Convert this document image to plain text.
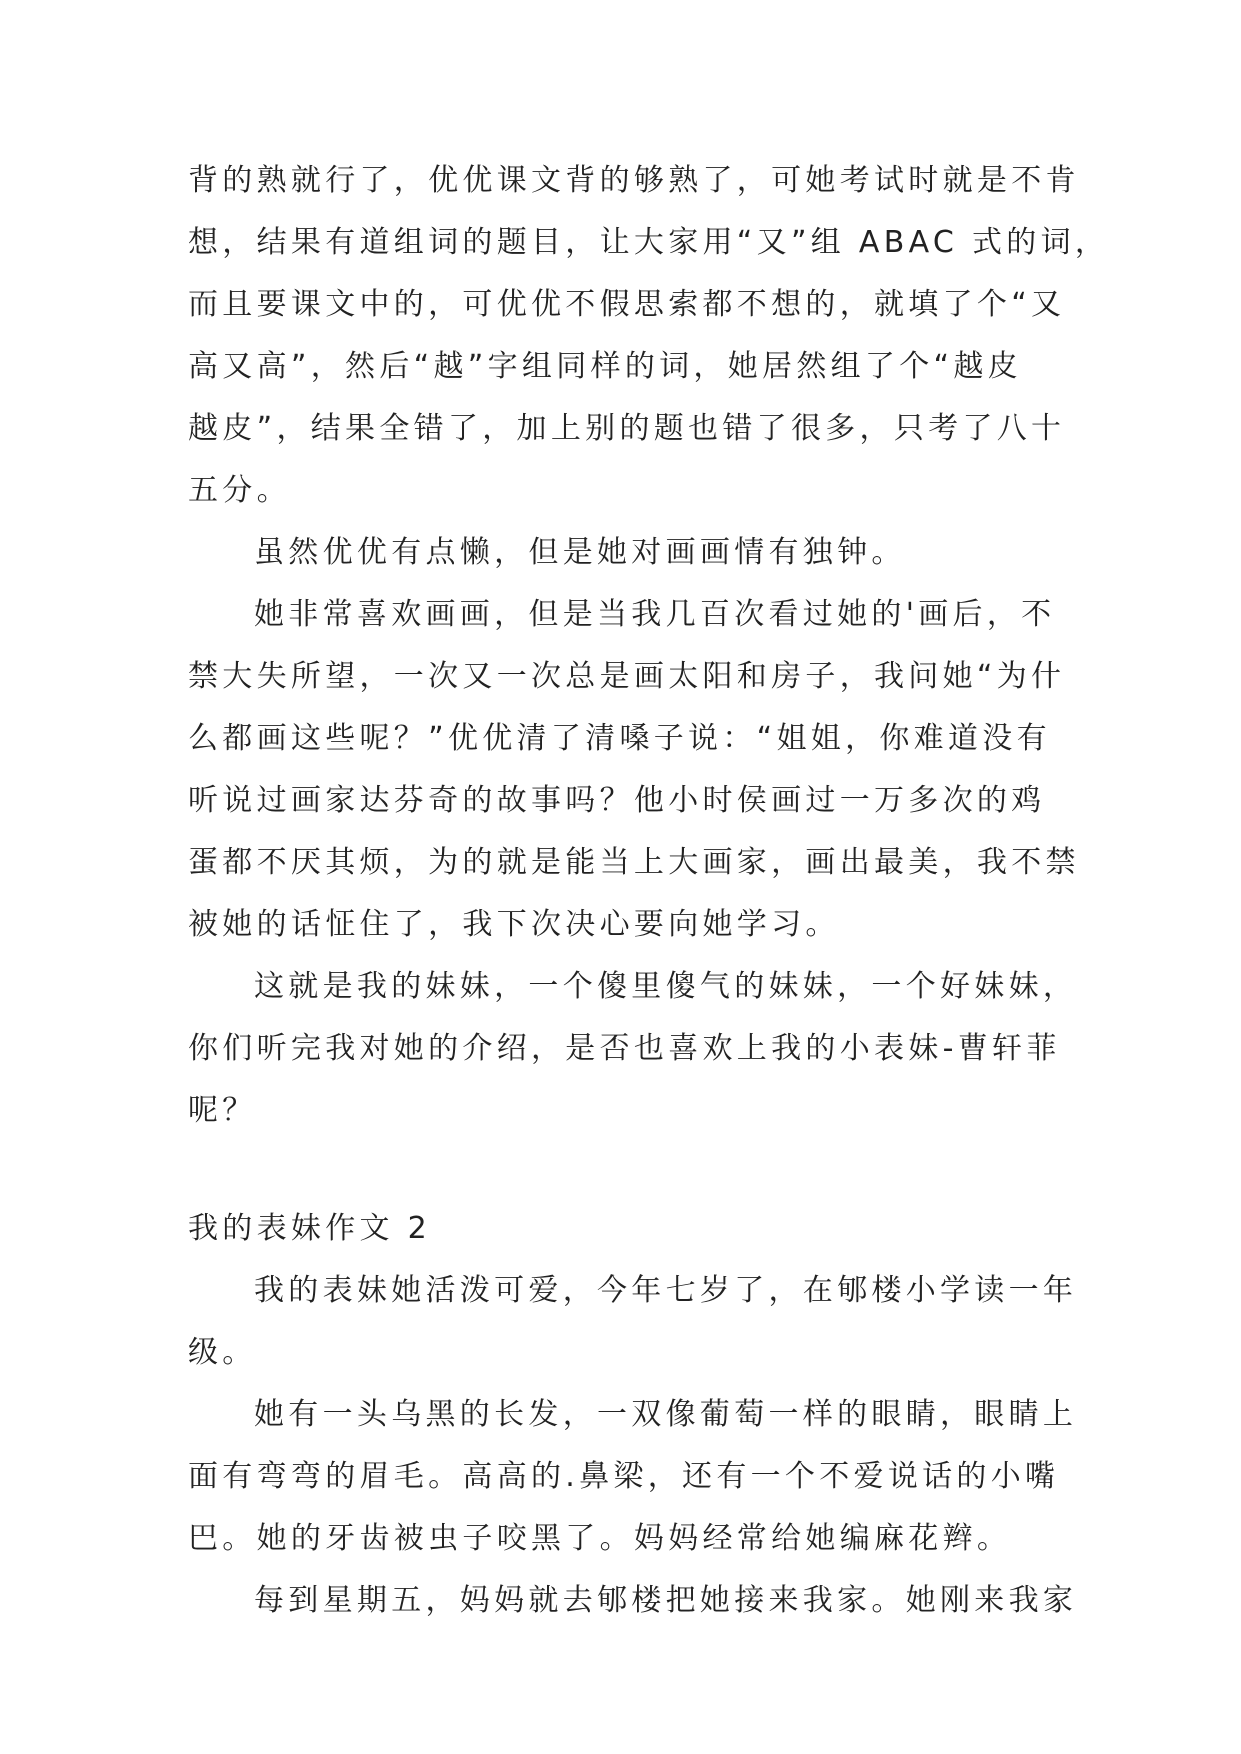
背的熟就行了，优优课文背的够熟了，可她考试时就是不肯
想，结果有道组词的题目，让大家用“又”组 ABAC 式的词，
而且要课文中的，可优优不假思索都不想的，就填了个“又
高又高”，然后“越”字组同样的词，她居然组了个“越皮
越皮”，结果全错了，加上别的题也错了很多，只考了八十
五分。
虽然优优有点懒，但是她对画画情有独钟。
她非常喜欢画画，但是当我几百次看过她的'画后，不
禁大失所望，一次又一次总是画太阳和房子，我问她“为什
么都画这些呢？”优优清了清嗓子说：“姐姐，你难道没有
听说过画家达芬奇的故事吗？他小时侯画过一万多次的鸡
蛋都不厌其烦，为的就是能当上大画家，画出最美，我不禁
被她的话怔住了，我下次决心要向她学习。
这就是我的妹妹，一个傻里傻气的妹妹，一个好妹妹，
你们听完我对她的介绍，是否也喜欢上我的小表妹-曹轩菲
呢？
我的表妹作文 2
我的表妹她活泼可爱，今年七岁了，在郇楼小学读一年
级。
她有一头乌黑的长发，一双像葡萄一样的眼睛，眼睛上
面有弯弯的眉毛。高高的.鼻梁，还有一个不爱说话的小嘴
巴。她的牙齿被虫子咬黑了。妈妈经常给她编麻花辫。
每到星期五，妈妈就去郇楼把她接来我家。她刚来我家
